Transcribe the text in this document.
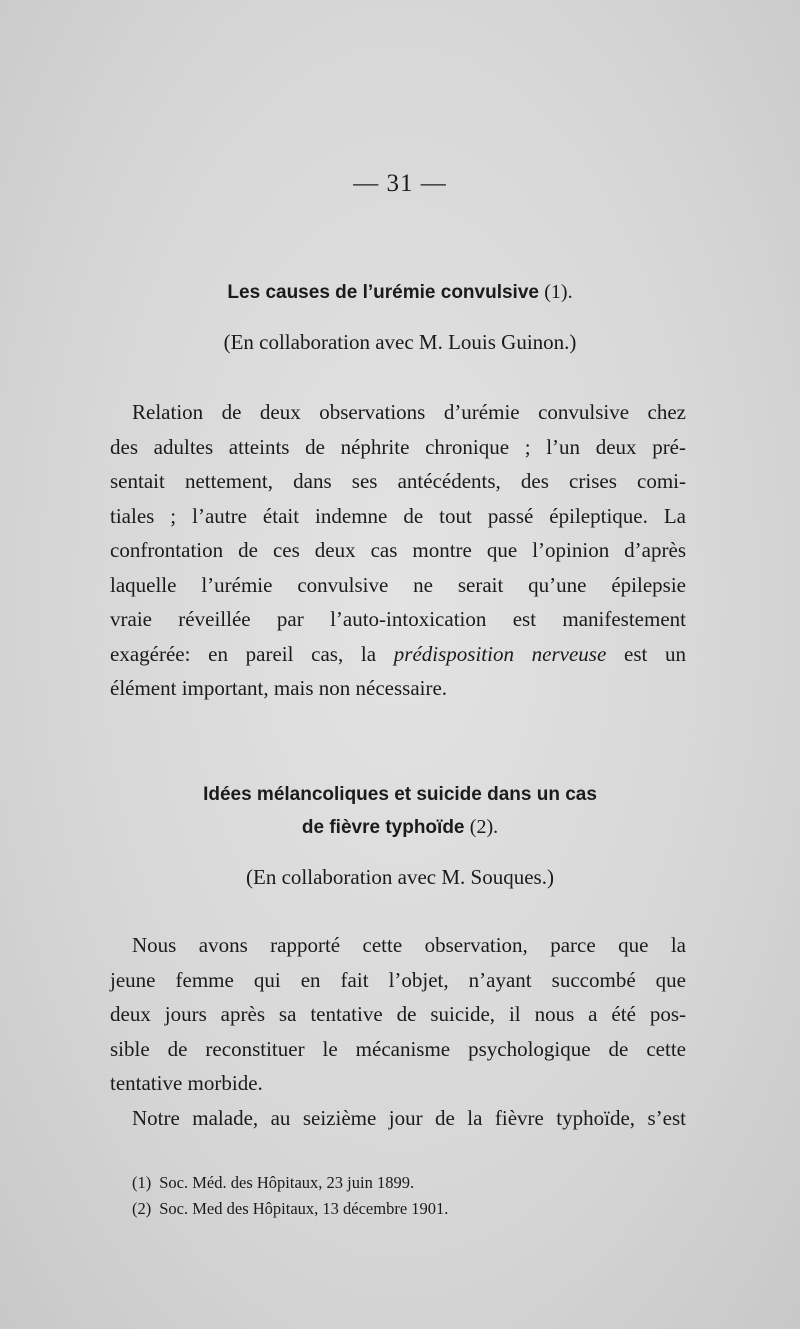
— 31 —
Les causes de l’urémie convulsive (1).
(En collaboration avec M. Louis Guinon.)
Relation de deux observations d’urémie convulsive chez
des adultes atteints de néphrite chronique ; l’un deux pré-
sentait nettement, dans ses antécédents, des crises comi-
tiales ; l’autre était indemne de tout passé épileptique. La
confrontation de ces deux cas montre que l’opinion d’après
laquelle l’urémie convulsive ne serait qu’une épilepsie
vraie réveillée par l’auto-intoxication est manifestement
exagérée: en pareil cas, la prédisposition nerveuse est un
élément important, mais non nécessaire.
Idées mélancoliques et suicide dans un cas
de fièvre typhoïde (2).
(En collaboration avec M. Souques.)
Nous avons rapporté cette observation, parce que la
jeune femme qui en fait l’objet, n’ayant succombé que
deux jours après sa tentative de suicide, il nous a été pos-
sible de reconstituer le mécanisme psychologique de cette
tentative morbide.
Notre malade, au seizième jour de la fièvre typhoïde, s’est
(1) Soc. Méd. des Hôpitaux, 23 juin 1899.
(2) Soc. Med des Hôpitaux, 13 décembre 1901.
